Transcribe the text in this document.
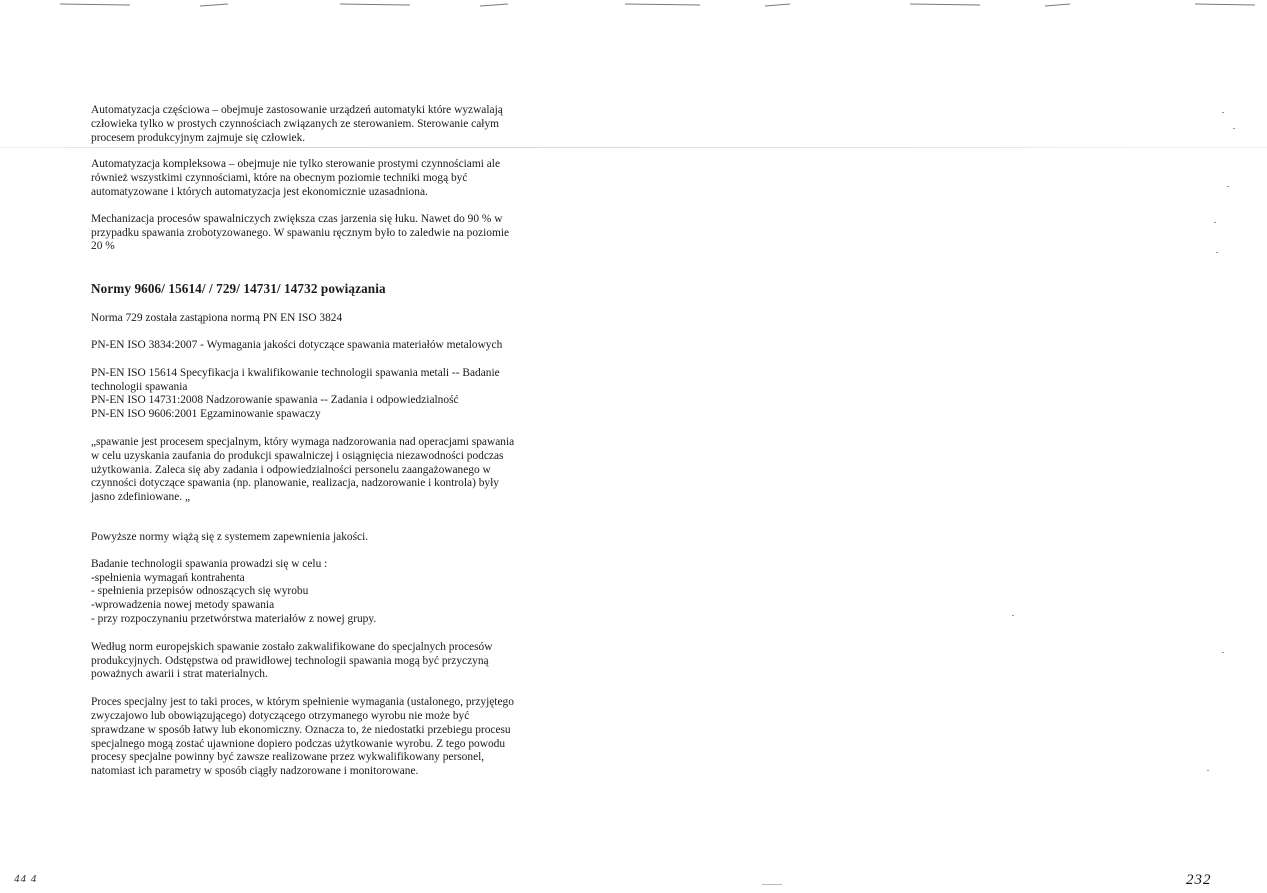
Automatyzacja częściowa – obejmuje zastosowanie urządzeń automatyki które wyzwalają
człowieka tylko w prostych czynnościach związanych ze sterowaniem. Sterowanie całym
procesem produkcyjnym zajmuje się człowiek.

Automatyzacja kompleksowa – obejmuje nie tylko sterowanie prostymi czynnościami ale
również wszystkimi czynnościami, które na obecnym poziomie techniki mogą być
automatyzowane i których automatyzacja jest ekonomicznie uzasadniona.

Mechanizacja procesów spawalniczych zwiększa czas jarzenia się łuku. Nawet do 90 % w
przypadku spawania zrobotyzowanego. W spawaniu ręcznym było to zaledwie na poziomie
20 %

Normy 9606/ 15614/ / 729/ 14731/ 14732 powiązania

Norma 729 została zastąpiona normą PN EN ISO 3824

PN-EN ISO 3834:2007 - Wymagania jakości dotyczące spawania materiałów metalowych

PN-EN ISO 15614 Specyfikacja i kwalifikowanie technologii spawania metali -- Badanie
technologii spawania
PN-EN ISO 14731:2008 Nadzorowanie spawania -- Zadania i odpowiedzialność
PN-EN ISO 9606:2001 Egzaminowanie spawaczy

„spawanie jest procesem specjalnym, który wymaga nadzorowania nad operacjami spawania
w celu uzyskania zaufania do produkcji spawalniczej i osiągnięcia niezawodności podczas
użytkowania. Zaleca się aby zadania i odpowiedzialności personelu zaangażowanego w
czynności dotyczące spawania (np. planowanie, realizacja, nadzorowanie i kontrola) były
jasno zdefiniowane. „

Powyższe normy wiążą się z systemem zapewnienia jakości.

Badanie technologii spawania prowadzi się w celu :
-spełnienia wymagań kontrahenta
- spełnienia przepisów odnoszących się wyrobu
-wprowadzenia nowej metody spawania
- przy rozpoczynaniu przetwórstwa materiałów z nowej grupy.

Według norm europejskich spawanie zostało zakwalifikowane do specjalnych procesów
produkcyjnych. Odstępstwa od prawidłowej technologii spawania mogą być przyczyną
poważnych awarii i strat materialnych.

Proces specjalny jest to taki proces, w którym spełnienie wymagania (ustalonego, przyjętego
zwyczajowo lub obowiązującego) dotyczącego otrzymanego wyrobu nie może być
sprawdzane w sposób łatwy lub ekonomiczny. Oznacza to, że niedostatki przebiegu procesu
specjalnego mogą zostać ujawnione dopiero podczas użytkowanie wyrobu. Z tego powodu
procesy specjalne powinny być zawsze realizowane przez wykwalifikowany personel,
natomiast ich parametry w sposób ciągły nadzorowane i monitorowane.

44 4	232
